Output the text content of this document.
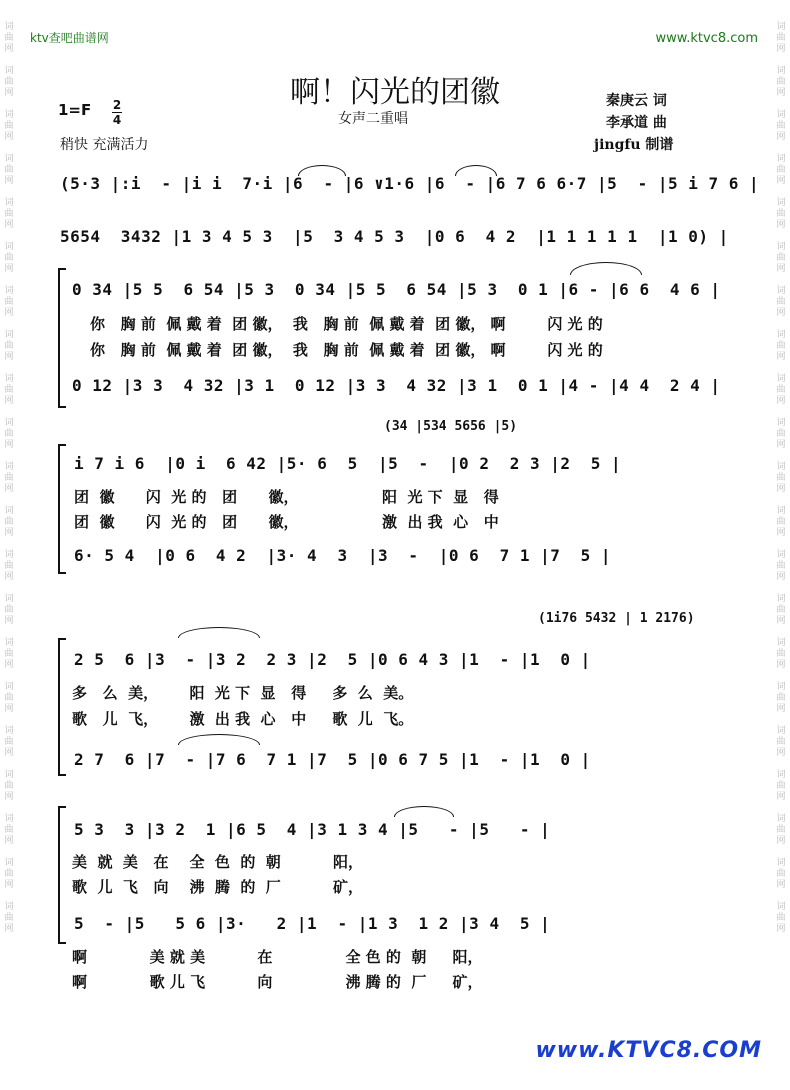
词
曲
网

词
曲
网

词
曲
网

词
曲
网

词
曲
网

词
曲
网

词
曲
网

词
曲
网

词
曲
网

词
曲
网

词
曲
网

词
曲
网

词
曲
网

词
曲
网

词
曲
网

词
曲
网

词
曲
网

词
曲
网

词
曲
网

词
曲
网

词
曲
网

词
曲
网

词
曲
网

词
曲
网

词
曲
网

词
曲
网

词
曲
网

词
曲
网

词
曲
网

词
曲
网

词
曲
网

词
曲
网

词
曲
网

词
曲
网

词
曲
网

词
曲
网

词
曲
网

词
曲
网

词
曲
网

词
曲
网

词
曲
网

词
曲
网

ktv查吧曲谱网	www.ktvc8.com
啊！闪光的团徽
女声二重唱
秦庚云 词
李承道 曲
jingfu 制谱
1=F 2
4
稍快 充满活力
(5·3 |:i  - |i i  7·i |6  - |6 ∨1·6 |6  - |6 7 6 6·7 |5  - |5 i 7 6 |
5654  3432 |1 3 4 5 3  |5  3 4 5 3  |0 6  4 2  |1 1 1 1 1  |1 0) |
0 34 |5 5  6 54 |5 3  0 34 |5 5  6 54 |5 3  0 1 |6 - |6 6  4 6 |
你   胸 前  佩 戴 着  团 徽，  我   胸 前  佩 戴 着  团 徽， 啊        闪 光 的
你   胸 前  佩 戴 着  团 徽，  我   胸 前  佩 戴 着  团 徽， 啊        闪 光 的
0 12 |3 3  4 32 |3 1  0 12 |3 3  4 32 |3 1  0 1 |4 - |4 4  2 4 |
(34 |534 5656 |5)
i 7 i 6  |0 i  6 42 |5· 6  5  |5  -  |0 2  2 3 |2  5 |
团  徽      闪  光 的   团      徽，                阳  光 下  显   得
团  徽      闪  光 的   团      徽，                激  出 我  心   中
6· 5 4  |0 6  4 2  |3· 4  3  |3  -  |0 6  7 1 |7  5 |
(1i76 5432 | 1 2176)
2 5  6 |3  - |3 2  2 3 |2  5 |0 6 4 3 |1  - |1  0 |
多   么  美，      阳  光 下  显   得     多  么  美。
歌   儿  飞，      激  出 我  心   中     歌  儿  飞。
2 7  6 |7  - |7 6  7 1 |7  5 |0 6 7 5 |1  - |1  0 |
5 3  3 |3 2  1 |6 5  4 |3 1 3 4 |5   - |5   - |
美  就  美   在    全  色  的  朝          阳，
歌  儿  飞   向    沸  腾  的  厂          矿，
5  - |5   5 6 |3·   2 |1  - |1 3  1 2 |3 4  5 |
啊            美 就 美          在              全 色 的  朝     阳，
啊            歌 儿 飞          向              沸 腾 的  厂     矿，
www.KTVC8.COM
